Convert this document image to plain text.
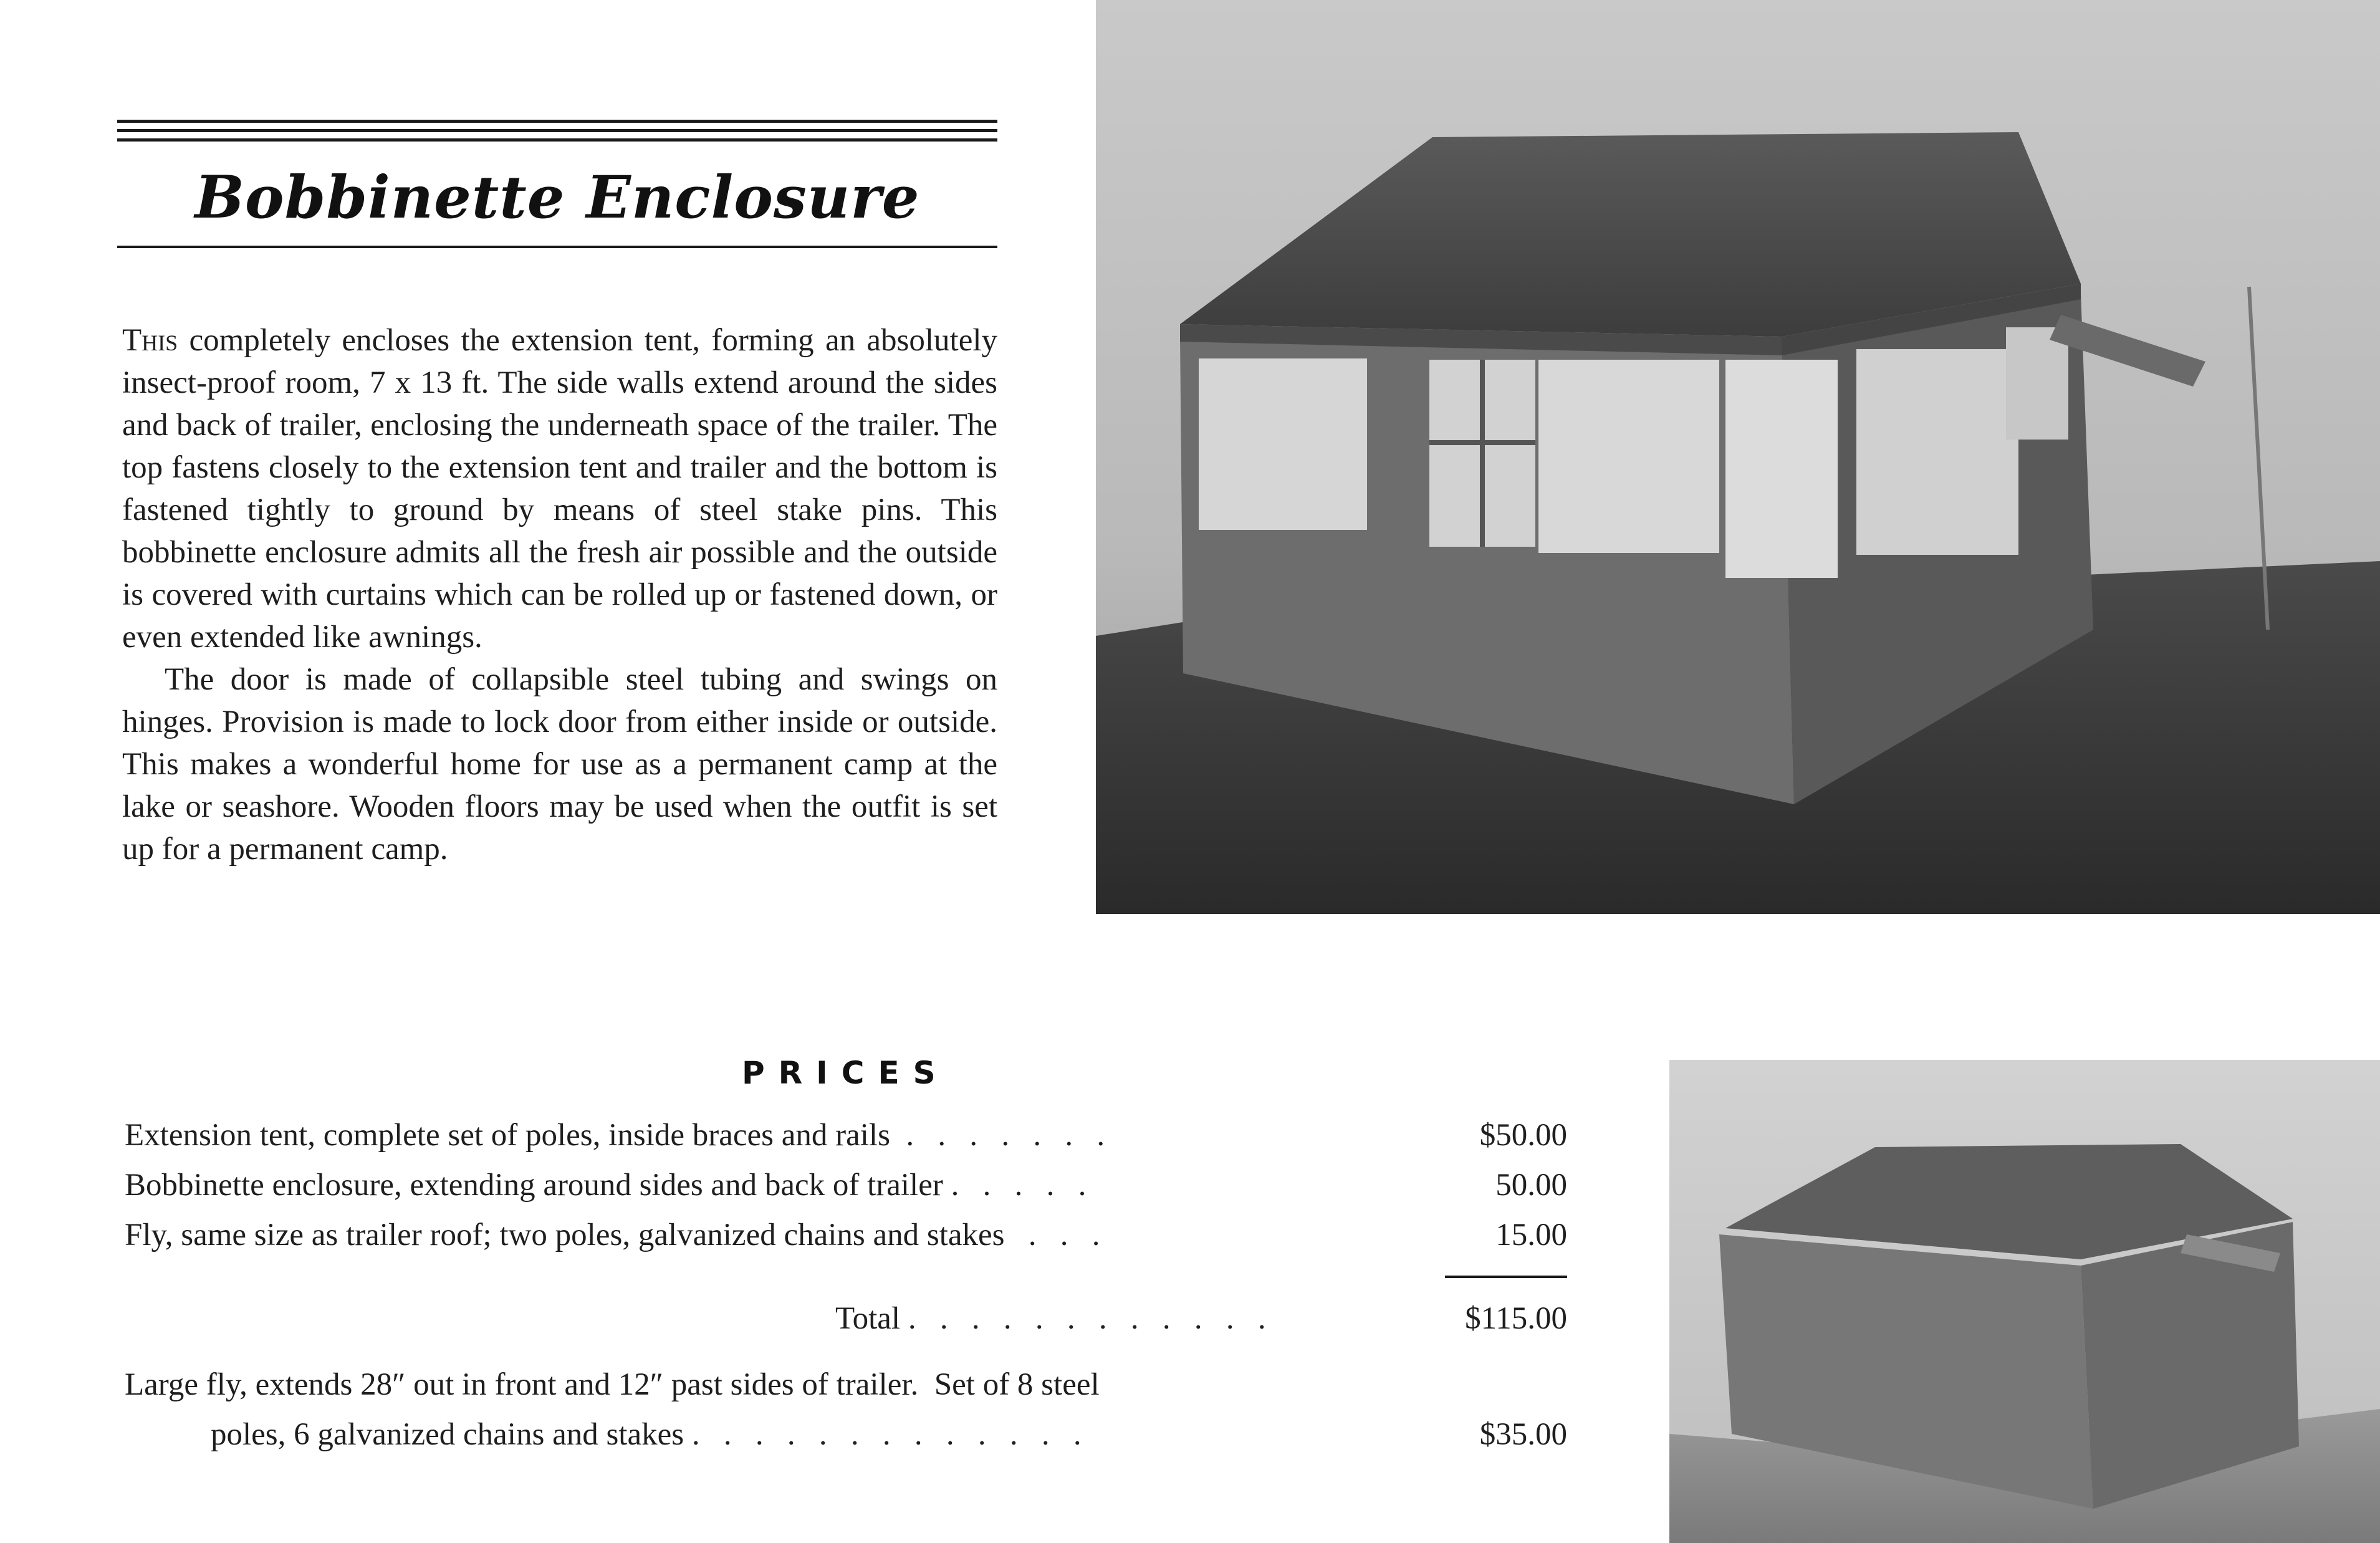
Bobbinette Enclosure

This completely encloses the extension tent, forming an absolutely insect-proof room, 7 x 13 ft. The side walls extend around the sides and back of trailer, enclosing the underneath space of the trailer. The top fastens closely to the extension tent and trailer and the bottom is fastened tightly to ground by means of steel stake pins. This bobbinette enclosure admits all the fresh air possible and the outside is covered with curtains which can be rolled up or fastened down, or even extended like awnings.

The door is made of collapsible steel tubing and swings on hinges. Provision is made to lock door from either inside or outside. This makes a wonderful home for use as a permanent camp at the lake or seashore. Wooden floors may be used when the outfit is set up for a permanent camp.

PRICES
Extension tent, complete set of poles, inside braces and rails  .   .   .   .   .   .   .	$50.00
Bobbinette enclosure, extending around sides and back of trailer .   .   .   .   .	50.00
Fly, same size as trailer roof; two poles, galvanized chains and stakes   .   .   .	15.00
Total .   .   .   .   .   .   .   .   .   .   .   .	$115.00
Large fly, extends 28″ out in front and 12″ past sides of trailer.  Set of 8 steel
poles, 6 galvanized chains and stakes .   .   .   .   .   .   .   .   .   .   .   .   .	$35.00
